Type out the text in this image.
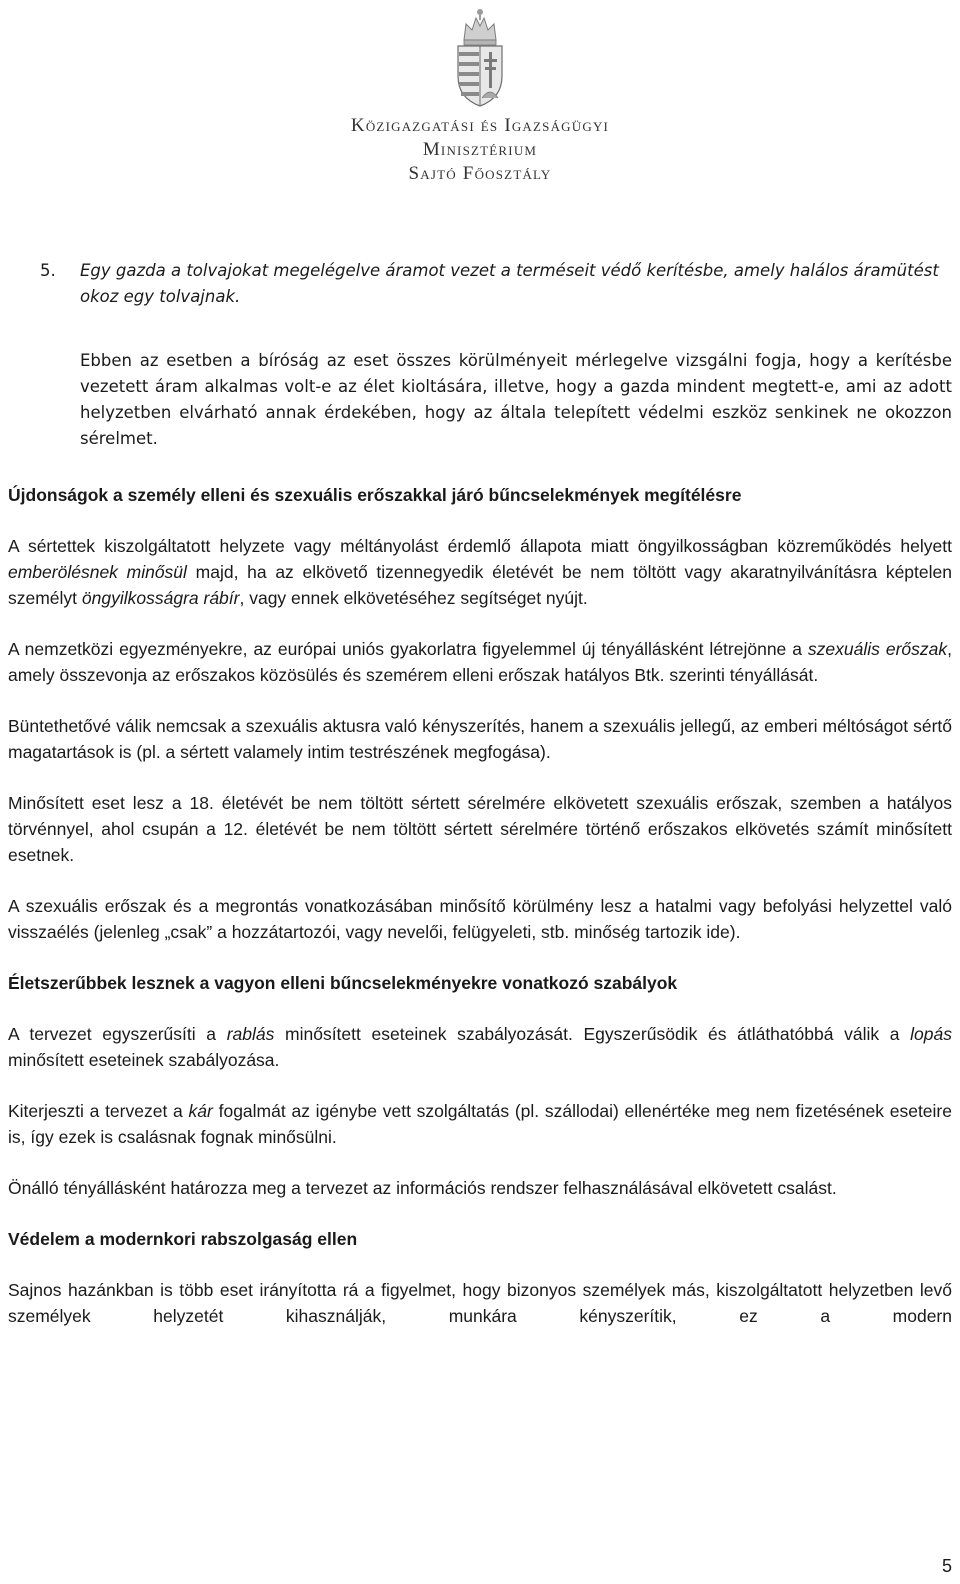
Közigazgatási és Igazságügyi
Minisztérium
Sajtó Főosztály
5. Egy gazda a tolvajokat megelégelve áramot vezet a terméseit védő kerítésbe, amely halálos áramütést okoz egy tolvajnak.
Ebben az esetben a bíróság az eset összes körülményeit mérlegelve vizsgálni fogja, hogy a kerítésbe vezetett áram alkalmas volt-e az élet kioltására, illetve, hogy a gazda mindent megtett-e, ami az adott helyzetben elvárható annak érdekében, hogy az általa telepített védelmi eszköz senkinek ne okozzon sérelmet.
Újdonságok a személy elleni és szexuális erőszakkal járó bűncselekmények megítélésre

A sértettek kiszolgáltatott helyzete vagy méltányolást érdemlő állapota miatt öngyilkosságban közreműködés helyett emberölésnek minősül majd, ha az elkövető tizennegyedik életévét be nem töltött vagy akaratnyilvánításra képtelen személyt öngyilkosságra rábír, vagy ennek elkövetéséhez segítséget nyújt.

A nemzetközi egyezményekre, az európai uniós gyakorlatra figyelemmel új tényállásként létrejönne a szexuális erőszak, amely összevonja az erőszakos közösülés és szemérem elleni erőszak hatályos Btk. szerinti tényállását.

Büntethetővé válik nemcsak a szexuális aktusra való kényszerítés, hanem a szexuális jellegű, az emberi méltóságot sértő magatartások is (pl. a sértett valamely intim testrészének megfogása).

Minősített eset lesz a 18. életévét be nem töltött sértett sérelmére elkövetett szexuális erőszak, szemben a hatályos törvénnyel, ahol csupán a 12. életévét be nem töltött sértett sérelmére történő erőszakos elkövetés számít minősített esetnek.

A szexuális erőszak és a megrontás vonatkozásában minősítő körülmény lesz a hatalmi vagy befolyási helyzettel való visszaélés (jelenleg „csak” a hozzátartozói, vagy nevelői, felügyeleti, stb. minőség tartozik ide).

Életszerűbbek lesznek a vagyon elleni bűncselekményekre vonatkozó szabályok

A tervezet egyszerűsíti a rablás minősített eseteinek szabályozását. Egyszerűsödik és átláthatóbbá válik a lopás minősített eseteinek szabályozása.

Kiterjeszti a tervezet a kár fogalmát az igénybe vett szolgáltatás (pl. szállodai) ellenértéke meg nem fizetésének eseteire is, így ezek is csalásnak fognak minősülni.

Önálló tényállásként határozza meg a tervezet az információs rendszer felhasználásával elkövetett csalást.

Védelem a modernkori rabszolgaság ellen

Sajnos hazánkban is több eset irányította rá a figyelmet, hogy bizonyos személyek más, kiszolgáltatott helyzetben levő személyek helyzetét kihasználják, munkára kényszerítik, ez a modern

5
